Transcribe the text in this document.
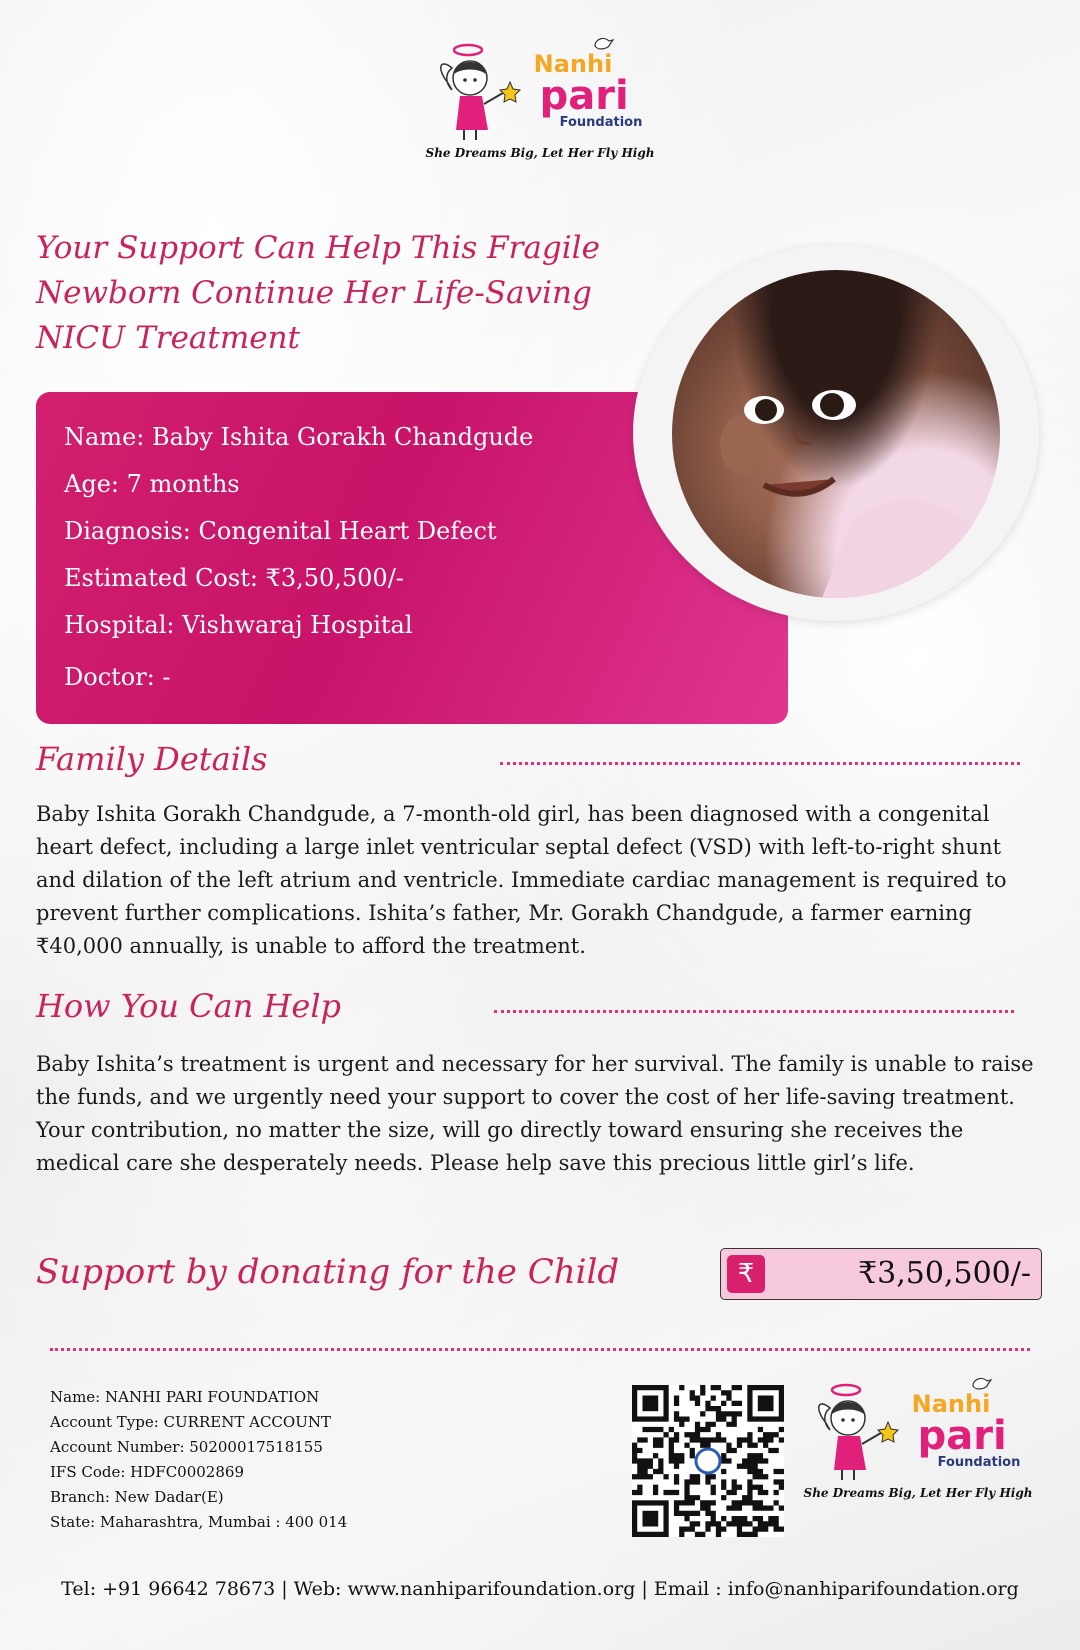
Nanhi
pari
Foundation
She Dreams Big, Let Her Fly High
Your Support Can Help This Fragile
Newborn Continue Her Life-Saving
NICU Treatment
Name: Baby Ishita Gorakh Chandgude
Age: 7 months
Diagnosis: Congenital Heart Defect
Estimated Cost: ₹3,50,500/-
Hospital: Vishwaraj Hospital
Doctor: -
Family Details
Baby Ishita Gorakh Chandgude, a 7-month-old girl, has been diagnosed with a congenital heart defect, including a large inlet ventricular septal defect (VSD) with left-to-right shunt and dilation of the left atrium and ventricle. Immediate cardiac management is required to prevent further complications. Ishita’s father, Mr. Gorakh Chandgude, a farmer earning ₹40,000 annually, is unable to afford the treatment.
How You Can Help
Baby Ishita’s treatment is urgent and necessary for her survival. The family is unable to raise the funds, and we urgently need your support to cover the cost of her life-saving treatment. Your contribution, no matter the size, will go directly toward ensuring she receives the medical care she desperately needs. Please help save this precious little girl’s life.
Support by donating for the Child	₹	₹3,50,500/-
Name: NANHI PARI FOUNDATION
Account Type: CURRENT ACCOUNT
Account Number: 50200017518155
IFS Code: HDFC0002869
Branch: New Dadar(E)
State: Maharashtra, Mumbai : 400 014
Nanhi
pari
Foundation
She Dreams Big, Let Her Fly High
Tel: +91 96642 78673 | Web: www.nanhiparifoundation.org | Email : info@nanhiparifoundation.org
